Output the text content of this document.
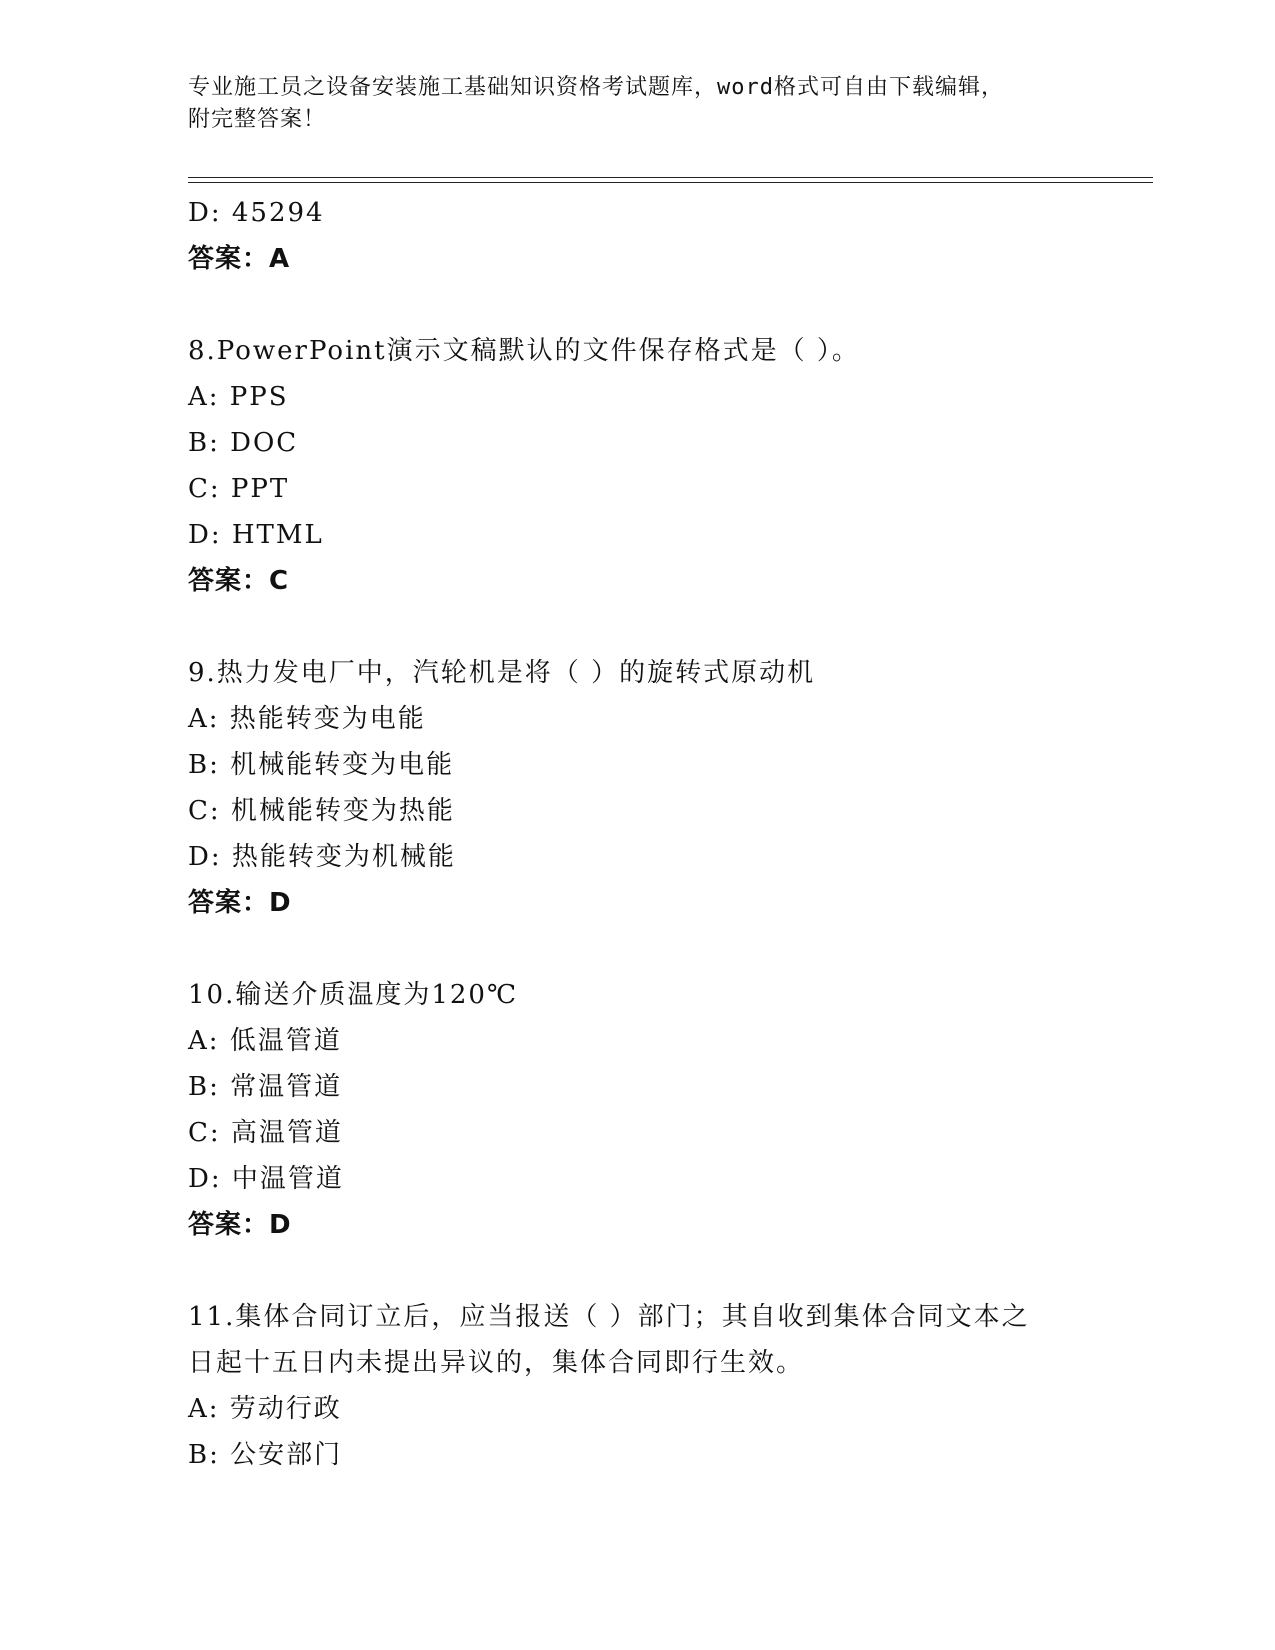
专业施工员之设备安装施工基础知识资格考试题库，word格式可自由下载编辑，
附完整答案！
D: 45294
答案：A
8.PowerPoint演示文稿默认的文件保存格式是（ ）。
A: PPS
B: DOC
C: PPT
D: HTML
答案：C
9.热力发电厂中，汽轮机是将（ ）的旋转式原动机
A: 热能转变为电能
B: 机械能转变为电能
C: 机械能转变为热能
D: 热能转变为机械能
答案：D
10.输送介质温度为120℃
A: 低温管道
B: 常温管道
C: 高温管道
D: 中温管道
答案：D
11.集体合同订立后，应当报送（ ）部门；其自收到集体合同文本之
日起十五日内未提出异议的，集体合同即行生效。
A: 劳动行政
B: 公安部门
